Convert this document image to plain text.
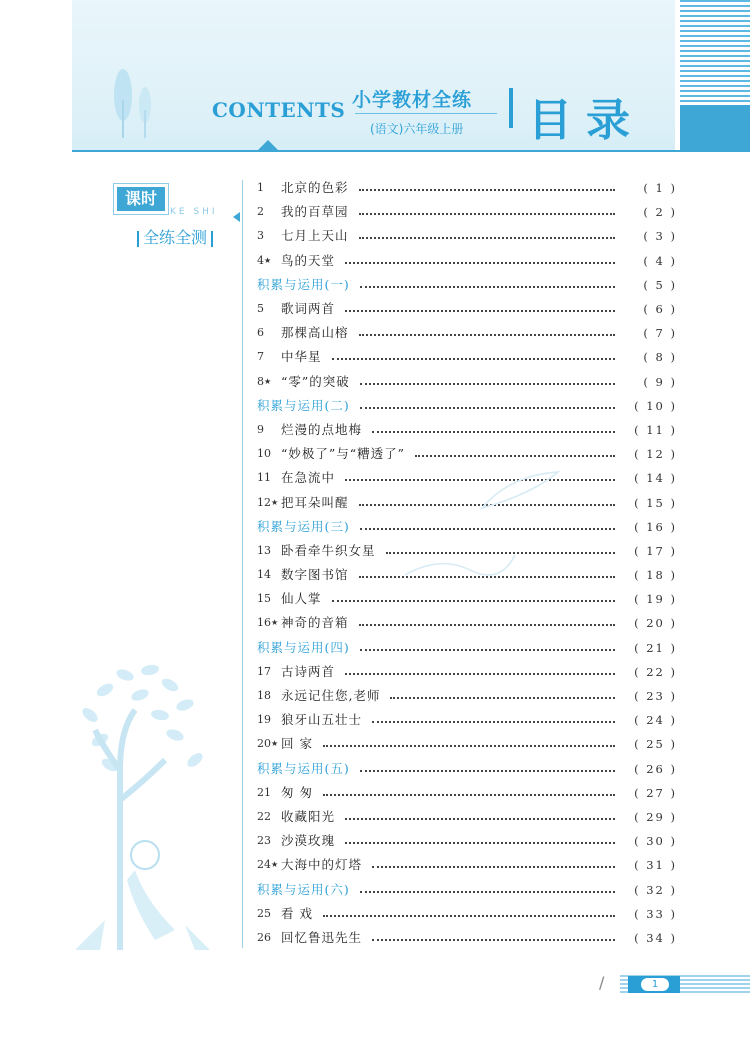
CONTENTS 小学教材全练
(语文)六年级上册 目录
课时
KE SHI
全练全测
1	北京的色彩	( 1 )
2	我的百草园	( 2 )
3	七月上天山	( 3 )
4★ 鸟的天堂	( 4 )
积累与运用(一)	( 5 )
5	歌词两首	( 6 )
6	那棵高山榕	( 7 )
7	中华星	( 8 )
8★ “零”的突破	( 9 )
积累与运用(二)	( 10 )
9	烂漫的点地梅	( 11 )
10 “妙极了”与“糟透了”	( 12 )
11 在急流中	( 14 )
12★ 把耳朵叫醒	( 15 )
积累与运用(三)	( 16 )
13 卧看牵牛织女星	( 17 )
14 数字图书馆	( 18 )
15 仙人掌	( 19 )
16★ 神奇的音箱	( 20 )
积累与运用(四)	( 21 )
17 古诗两首	( 22 )
18 永远记住您,老师	( 23 )
19 狼牙山五壮士	( 24 )
20★ 回 家	( 25 )
积累与运用(五)	( 26 )
21 匆 匆	( 27 )
22 收藏阳光	( 29 )
23 沙漠玫瑰	( 30 )
24★ 大海中的灯塔	( 31 )
积累与运用(六)	( 32 )
25 看 戏	( 33 )
26 回忆鲁迅先生	( 34 )
/	1
